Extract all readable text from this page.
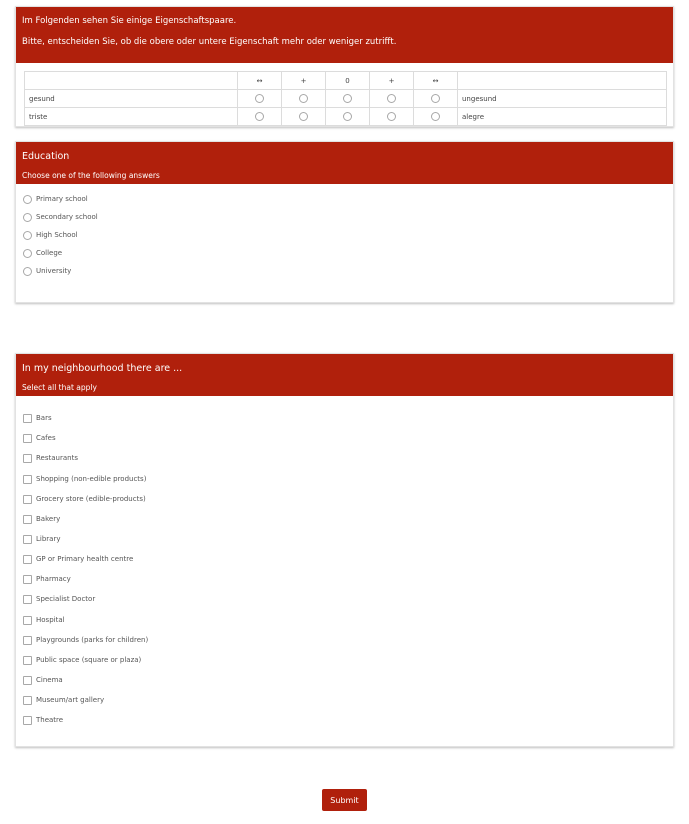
Im Folgenden sehen Sie einige Eigenschaftspaare.
Bitte, entscheiden Sie, ob die obere oder untere Eigenschaft mehr oder weniger zutrifft.
	↔	+	0	+	↔	
gesund						ungesund
triste						alegre
Education
Choose one of the following answers
Primary school
Secondary school
High School
College
University
In my neighbourhood there are ...
Select all that apply
Bars
Cafes
Restaurants
Shopping (non-edible products)
Grocery store (edible-products)
Bakery
Library
GP or Primary health centre
Pharmacy
Specialist Doctor
Hospital
Playgrounds (parks for children)
Public space (square or plaza)
Cinema
Museum/art gallery
Theatre
Submit
